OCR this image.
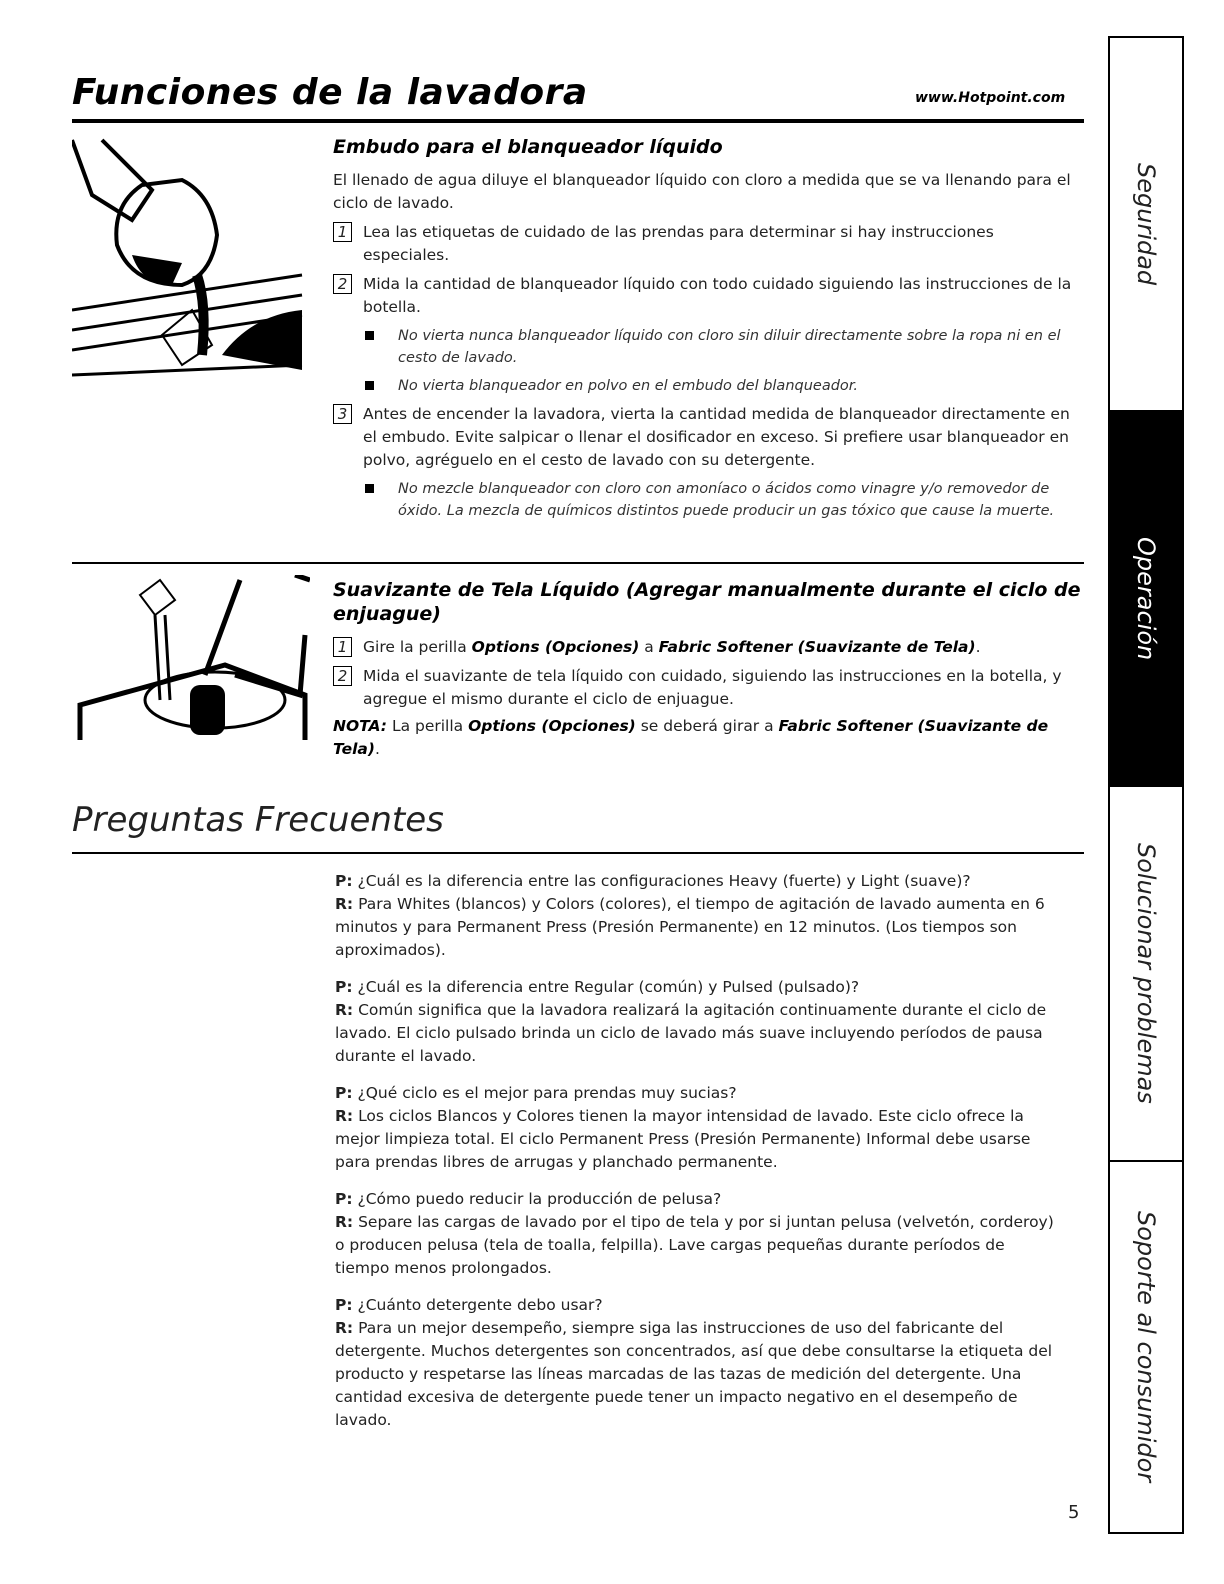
Funciones de la lavadora	www.Hotpoint.com
Embudo para el blanqueador líquido
El llenado de agua diluye el blanqueador líquido con cloro a medida que se va llenando para el ciclo de lavado.
1	Lea las etiquetas de cuidado de las prendas para determinar si hay instrucciones especiales.
2	Mida la cantidad de blanqueador líquido con todo cuidado siguiendo las instrucciones de la botella.
No vierta nunca blanqueador líquido con cloro sin diluir directamente sobre la ropa ni en el cesto de lavado.
No vierta blanqueador en polvo en el embudo del blanqueador.
3	Antes de encender la lavadora, vierta la cantidad medida de blanqueador directamente en el embudo. Evite salpicar o llenar el dosificador en exceso. Si prefiere usar blanqueador en polvo, agréguelo en el cesto de lavado con su detergente.
No mezcle blanqueador con cloro con amoníaco o ácidos como vinagre y/o removedor de óxido. La mezcla de químicos distintos puede producir un gas tóxico que cause la muerte.
Suavizante de Tela Líquido (Agregar manualmente durante el ciclo de enjuague)
1	Gire la perilla Options (Opciones) a Fabric Softener (Suavizante de Tela).
2	Mida el suavizante de tela líquido con cuidado, siguiendo las instrucciones en la botella, y agregue el mismo durante el ciclo de enjuague.
NOTA: La perilla Options (Opciones) se deberá girar a Fabric Softener (Suavizante de Tela).
Preguntas Frecuentes
P: ¿Cuál es la diferencia entre las configuraciones Heavy (fuerte) y Light (suave)?
R: Para Whites (blancos) y Colors (colores), el tiempo de agitación de lavado aumenta en 6 minutos y para Permanent Press (Presión Permanente) en 12 minutos. (Los tiempos son aproximados).
P: ¿Cuál es la diferencia entre Regular (común) y Pulsed (pulsado)?
R: Común significa que la lavadora realizará la agitación continuamente durante el ciclo de lavado. El ciclo pulsado brinda un ciclo de lavado más suave incluyendo períodos de pausa durante el lavado.
P: ¿Qué ciclo es el mejor para prendas muy sucias?
R: Los ciclos Blancos y Colores tienen la mayor intensidad de lavado. Este ciclo ofrece la mejor limpieza total. El ciclo Permanent Press (Presión Permanente) Informal debe usarse para prendas libres de arrugas y planchado permanente.
P: ¿Cómo puedo reducir la producción de pelusa?
R: Separe las cargas de lavado por el tipo de tela y por si juntan pelusa (velvetón, corderoy) o producen pelusa (tela de toalla, felpilla). Lave cargas pequeñas durante períodos de tiempo menos prolongados.
P: ¿Cuánto detergente debo usar?
R: Para un mejor desempeño, siempre siga las instrucciones de uso del fabricante del detergente. Muchos detergentes son concentrados, así que debe consultarse la etiqueta del producto y respetarse las líneas marcadas de las tazas de medición del detergente. Una cantidad excesiva de detergente puede tener un impacto negativo en el desempeño de lavado.
Seguridad
Operación
Solucionar problemas
Soporte al consumidor
5
